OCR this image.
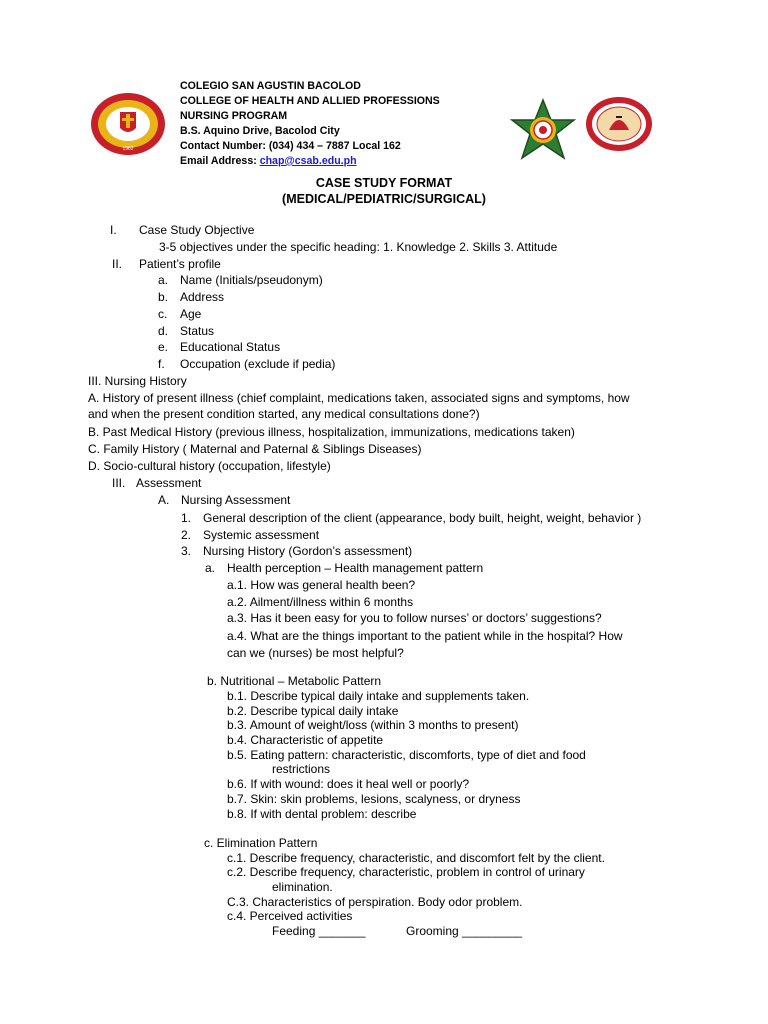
1962
COLEGIO SAN AGUSTIN BACOLOD
COLLEGE OF HEALTH AND ALLIED PROFESSIONS
NURSING PROGRAM
B.S. Aquino Drive, Bacolod City
Contact Number: (034) 434 – 7887 Local 162
Email Address: chap@csab.edu.ph
CASE STUDY FORMAT
(MEDICAL/PEDIATRIC/SURGICAL)
I. Case Study Objective
3-5 objectives under the specific heading: 1. Knowledge 2. Skills 3. Attitude
II. Patient’s profile
a. Name (Initials/pseudonym)
b. Address
c. Age
d. Status
e. Educational Status
f. Occupation (exclude if pedia)
III. Nursing History
A. History of present illness (chief complaint, medications taken, associated signs and symptoms, how
and when the present condition started, any medical consultations done?)
B. Past Medical History (previous illness, hospitalization, immunizations, medications taken)
C. Family History ( Maternal and Paternal & Siblings Diseases)
D. Socio-cultural history (occupation, lifestyle)
III. Assessment
A. Nursing Assessment
1. General description of the client (appearance, body built, height, weight, behavior )
2. Systemic assessment
3. Nursing History (Gordon’s assessment)
a. Health perception – Health management pattern
a.1. How was general health been?
a.2. Ailment/illness within 6 months
a.3. Has it been easy for you to follow nurses’ or doctors’ suggestions?
a.4. What are the things important to the patient while in the hospital? How
can we (nurses) be most helpful?
b. Nutritional – Metabolic Pattern
b.1. Describe typical daily intake and supplements taken.
b.2. Describe typical daily intake
b.3. Amount of weight/loss (within 3 months to present)
b.4. Characteristic of appetite
b.5. Eating pattern: characteristic, discomforts, type of diet and food
restrictions
b.6. If with wound: does it heal well or poorly?
b.7. Skin: skin problems, lesions, scalyness, or dryness
b.8. If with dental problem: describe
c. Elimination Pattern
c.1. Describe frequency, characteristic, and discomfort felt by the client.
c.2. Describe frequency, characteristic, problem in control of urinary
elimination.
C.3. Characteristics of perspiration. Body odor problem.
c.4. Perceived activities
Feeding _______	Grooming _________
